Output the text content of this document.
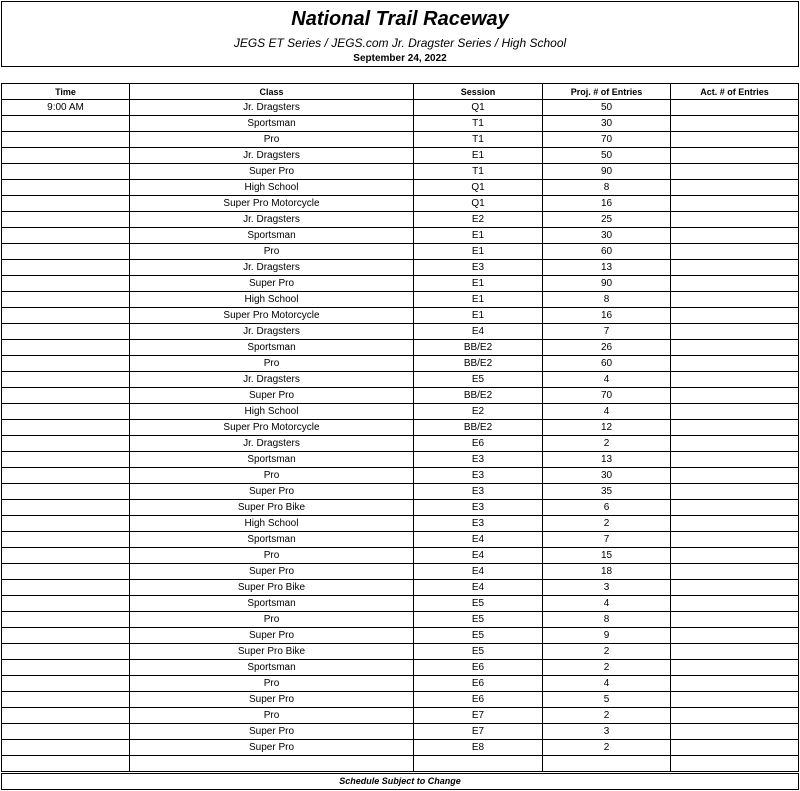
National Trail Raceway
JEGS ET Series / JEGS.com Jr. Dragster Series / High School
September 24, 2022
Time	Class	Session	Proj. # of Entries	Act. # of Entries
9:00 AM	Jr. Dragsters	Q1	50	
	Sportsman	T1	30	
	Pro	T1	70	
	Jr. Dragsters	E1	50	
	Super Pro	T1	90	
	High School	Q1	8	
	Super Pro Motorcycle	Q1	16	
	Jr. Dragsters	E2	25	
	Sportsman	E1	30	
	Pro	E1	60	
	Jr. Dragsters	E3	13	
	Super Pro	E1	90	
	High School	E1	8	
	Super Pro Motorcycle	E1	16	
	Jr. Dragsters	E4	7	
	Sportsman	BB/E2	26	
	Pro	BB/E2	60	
	Jr. Dragsters	E5	4	
	Super Pro	BB/E2	70	
	High School	E2	4	
	Super Pro Motorcycle	BB/E2	12	
	Jr. Dragsters	E6	2	
	Sportsman	E3	13	
	Pro	E3	30	
	Super Pro	E3	35	
	Super Pro Bike	E3	6	
	High School	E3	2	
	Sportsman	E4	7	
	Pro	E4	15	
	Super Pro	E4	18	
	Super Pro Bike	E4	3	
	Sportsman	E5	4	
	Pro	E5	8	
	Super Pro	E5	9	
	Super Pro Bike	E5	2	
	Sportsman	E6	2	
	Pro	E6	4	
	Super Pro	E6	5	
	Pro	E7	2	
	Super Pro	E7	3	
	Super Pro	E8	2	

Schedule Subject to Change
